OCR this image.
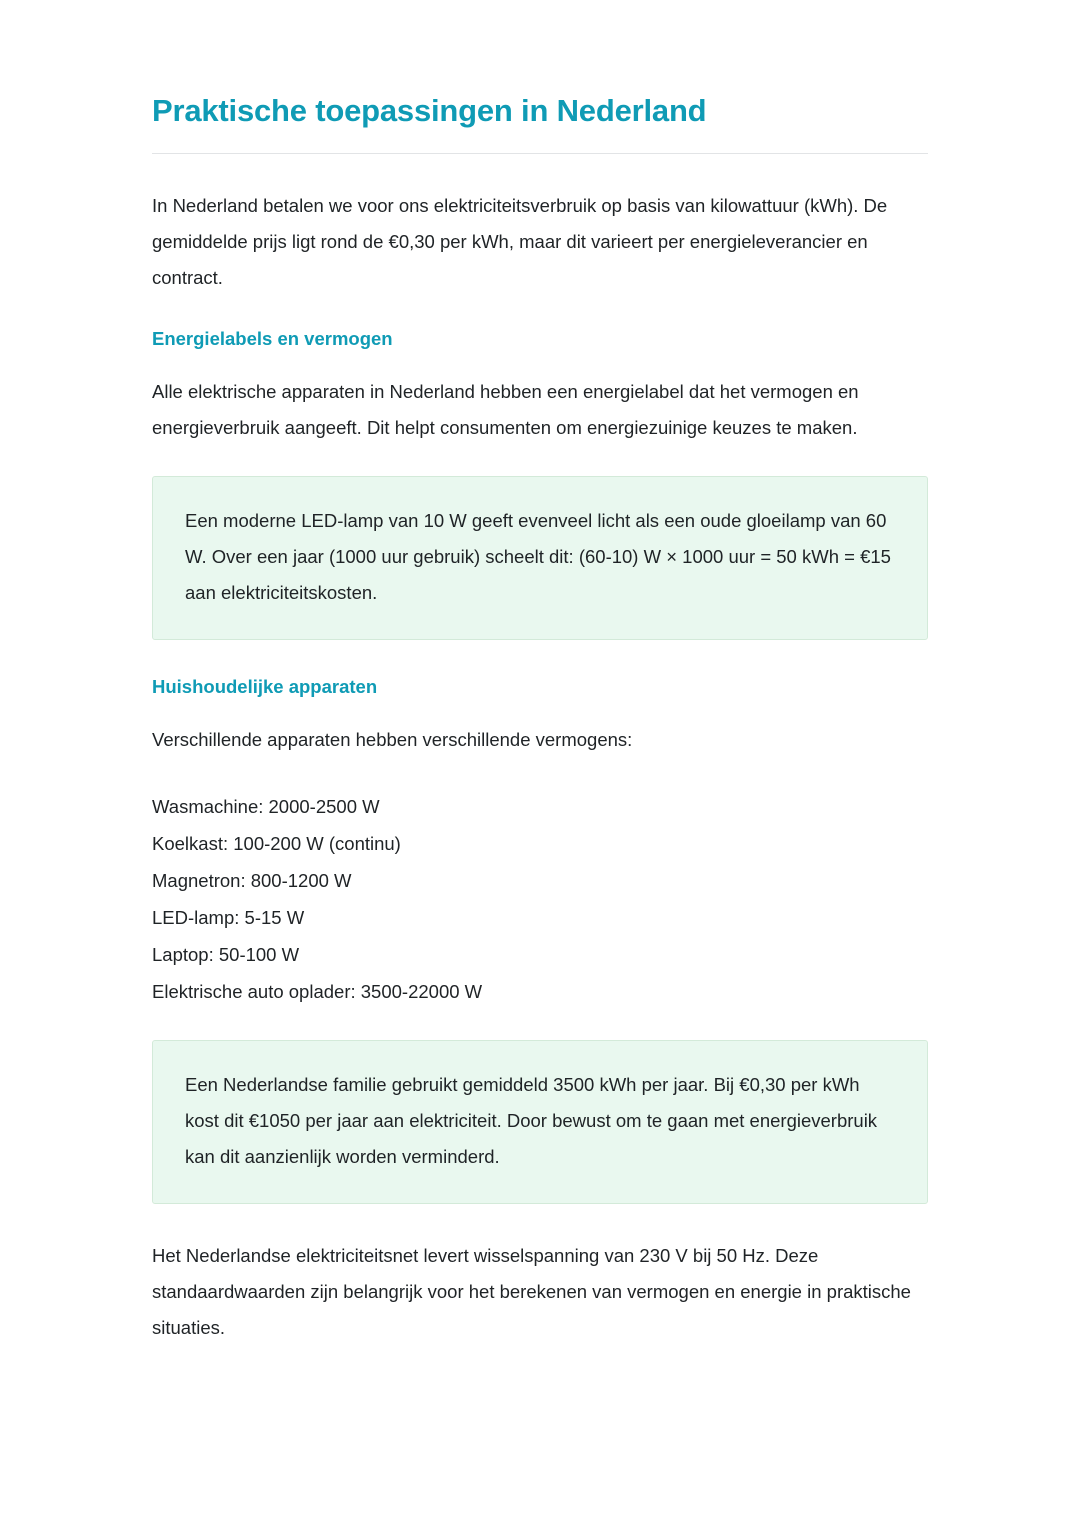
Praktische toepassingen in Nederland

In Nederland betalen we voor ons elektriciteitsverbruik op basis van kilowattuur (kWh). De gemiddelde prijs ligt rond de €0,30 per kWh, maar dit varieert per energieleverancier en contract.

Energielabels en vermogen

Alle elektrische apparaten in Nederland hebben een energielabel dat het vermogen en energieverbruik aangeeft. Dit helpt consumenten om energiezuinige keuzes te maken.

Een moderne LED-lamp van 10 W geeft evenveel licht als een oude gloeilamp van 60 W. Over een jaar (1000 uur gebruik) scheelt dit: (60-10) W × 1000 uur = 50 kWh = €15 aan elektriciteitskosten.

Huishoudelijke apparaten

Verschillende apparaten hebben verschillende vermogens:

Wasmachine: 2000-2500 W
Koelkast: 100-200 W (continu)
Magnetron: 800-1200 W
LED-lamp: 5-15 W
Laptop: 50-100 W
Elektrische auto oplader: 3500-22000 W

Een Nederlandse familie gebruikt gemiddeld 3500 kWh per jaar. Bij €0,30 per kWh kost dit €1050 per jaar aan elektriciteit. Door bewust om te gaan met energieverbruik kan dit aanzienlijk worden verminderd.

Het Nederlandse elektriciteitsnet levert wisselspanning van 230 V bij 50 Hz. Deze standaardwaarden zijn belangrijk voor het berekenen van vermogen en energie in praktische situaties.
